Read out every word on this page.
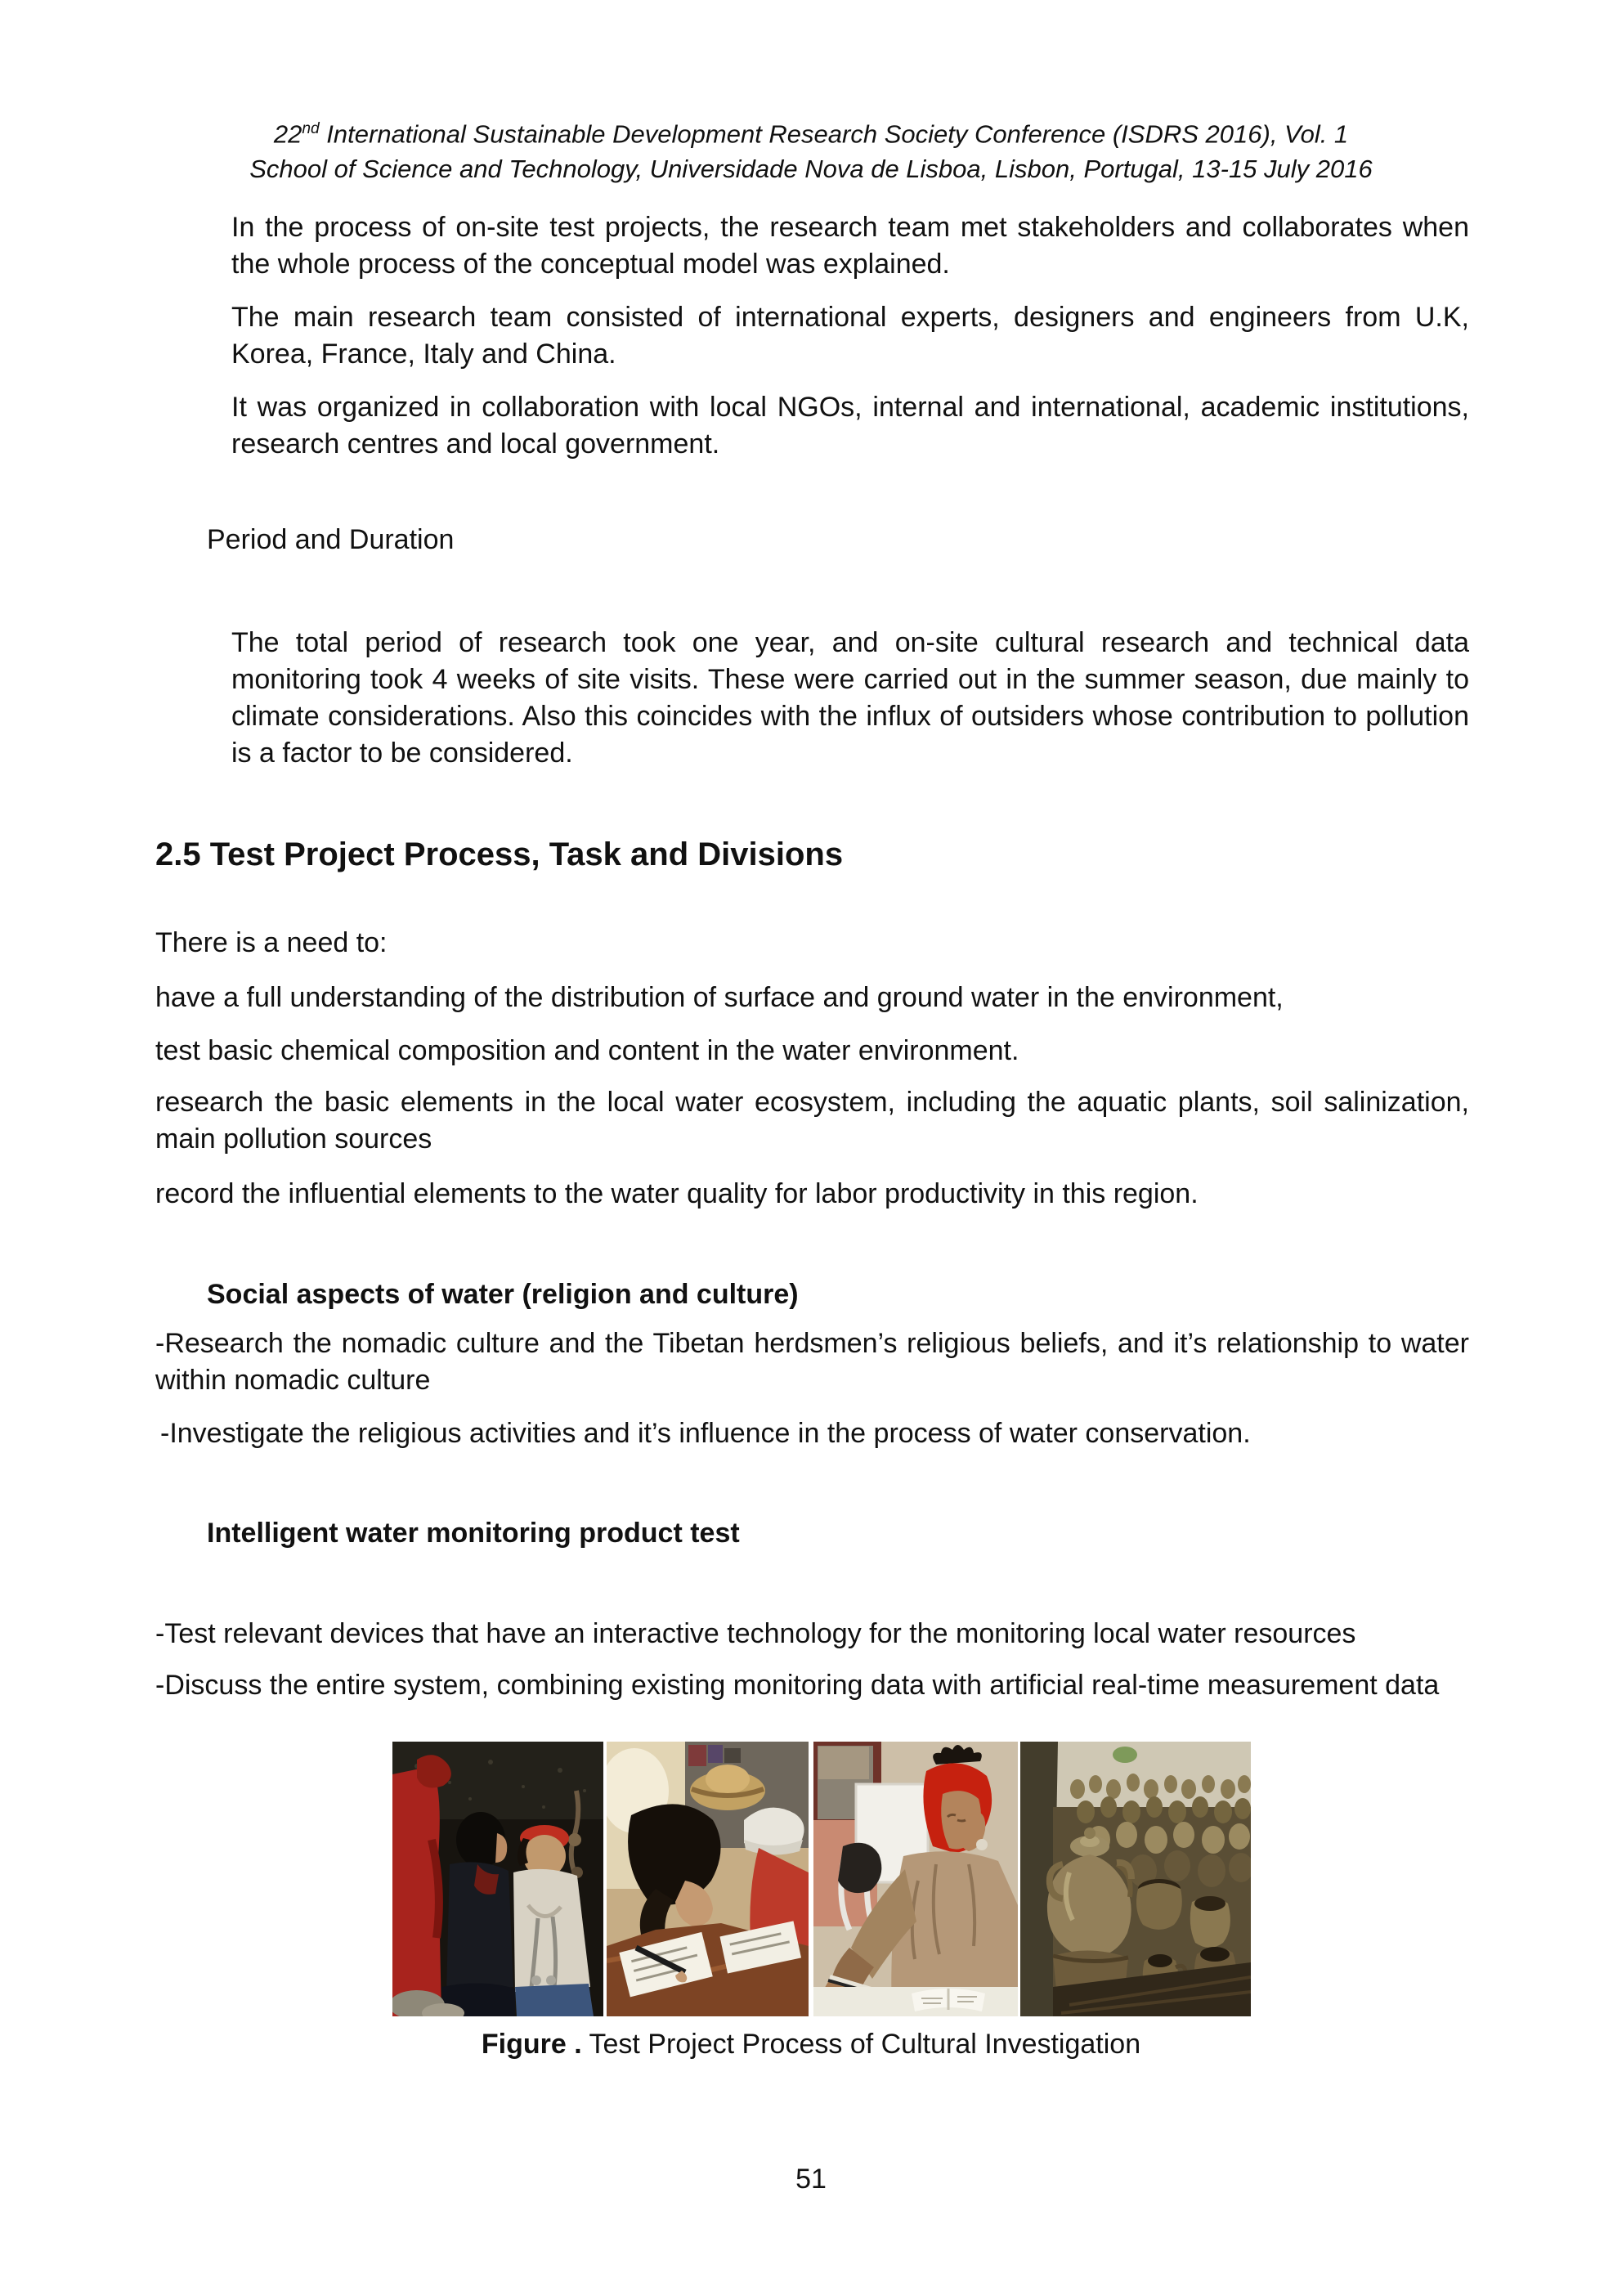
22nd International Sustainable Development Research Society Conference (ISDRS 2016), Vol. 1
School of Science and Technology, Universidade Nova de Lisboa, Lisbon, Portugal, 13-15 July 2016
In the process of on-site test projects, the research team met stakeholders and collaborates when the whole process of the conceptual model was explained.
The main research team consisted of international experts, designers and engineers from U.K, Korea, France, Italy and China.
It was organized in collaboration with local NGOs, internal and international, academic institutions, research centres and local government.
Period and Duration
The total period of research took one year, and on-site cultural research and technical data monitoring took 4 weeks of site visits. These were carried out in the summer season, due mainly to climate considerations. Also this coincides with the influx of outsiders whose contribution to pollution is a factor to be considered.
2.5 Test Project Process, Task and Divisions
There is a need to:
have a full understanding of the distribution of surface and ground water in the environment,
test basic chemical composition and content in the water environment.
research the basic elements in the local water ecosystem, including the aquatic plants, soil salinization, main pollution sources
record the influential elements to the water quality for labor productivity in this region.
Social aspects of water (religion and culture)
-Research the nomadic culture and the Tibetan herdsmen’s religious beliefs, and it’s relationship to water within nomadic culture
-Investigate the religious activities and it’s influence in the process of water conservation.
Intelligent water monitoring product test
-Test relevant devices that have an interactive technology for the monitoring local water resources
-Discuss the entire system, combining existing monitoring data with artificial real-time measurement data
Figure . Test Project Process of Cultural Investigation
51
